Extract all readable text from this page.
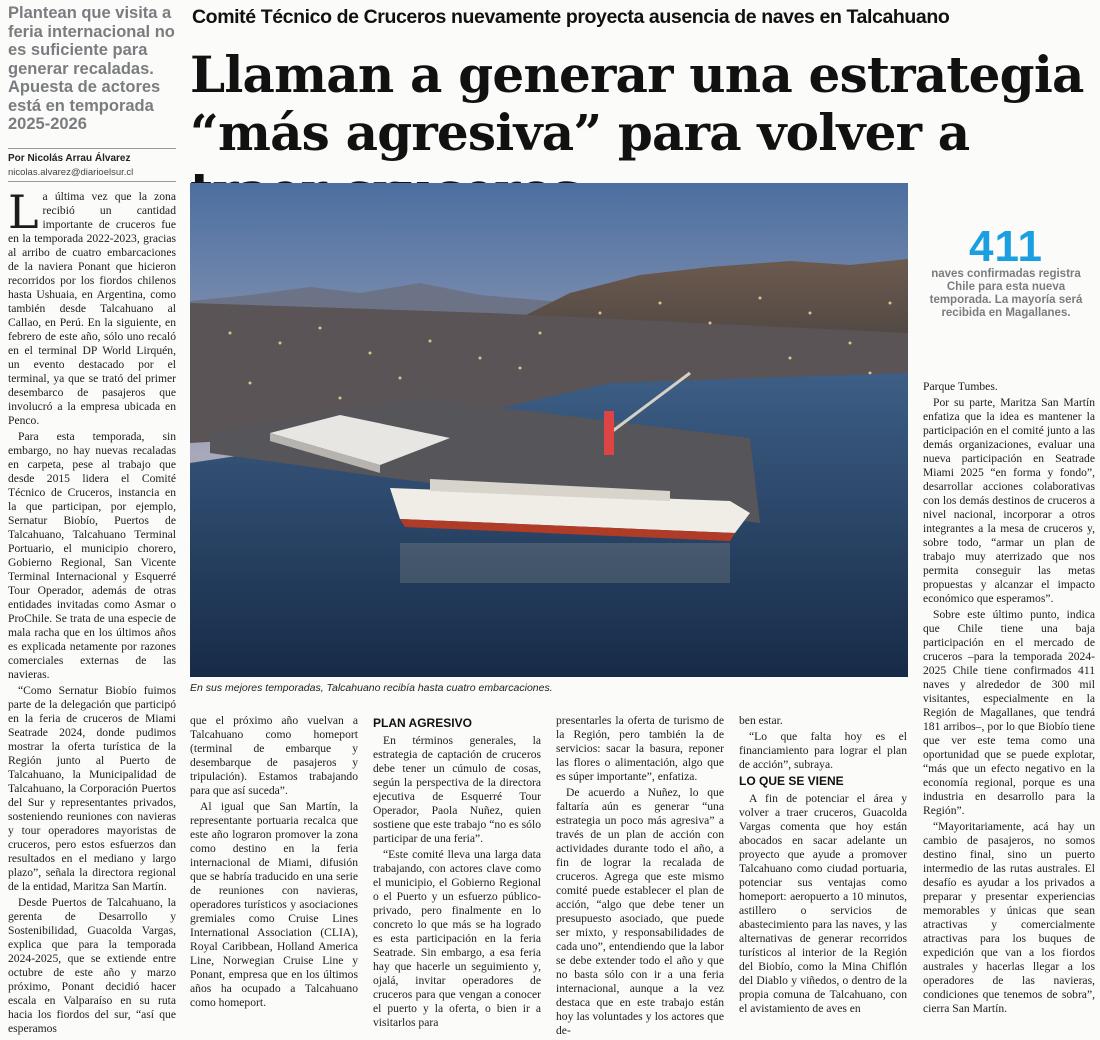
Plantean que visita a feria internacional no es suficiente para generar recaladas. Apuesta de actores está en temporada 2025-2026
Por Nicolás Arrau Álvarez
nicolas.alvarez@diarioelsur.cl
Comité Técnico de Cruceros nuevamente proyecta ausencia de naves en Talcahuano
Llaman a generar una estrategia “más agresiva” para volver a
En sus mejores temporadas, Talcahuano recibía hasta cuatro embarcaciones.
411
naves confirmadas registra Chile para esta nueva temporada. La mayoría será recibida en Magallanes.

La última vez que la zona recibió un cantidad importante de cruceros fue en la temporada 2022-2023, gracias al arribo de cuatro embarcaciones de la naviera Ponant que hicieron recorridos por los fiordos chilenos hasta Ushuaia, en Argentina, como también desde Talcahuano al Callao, en Perú. En la siguiente, en febrero de este año, sólo uno recaló en el terminal DP World Lirquén, un evento destacado por el terminal, ya que se trató del primer desembarco de pasajeros que involucró a la empresa ubicada en Penco.

Para esta temporada, sin embargo, no hay nuevas recaladas en carpeta, pese al trabajo que desde 2015 lidera el Comité Técnico de Cruceros, instancia en la que participan, por ejemplo, Sernatur Biobío, Puertos de Talcahuano, Talcahuano Terminal Portuario, el municipio chorero, Gobierno Regional, San Vicente Terminal Internacional y Esquerré Tour Operador, además de otras entidades invitadas como Asmar o ProChile. Se trata de una especie de mala racha que en los últimos años es explicada netamente por razones comerciales externas de las navieras.

“Como Sernatur Biobío fuimos parte de la delegación que participó en la feria de cruceros de Miami Seatrade 2024, donde pudimos mostrar la oferta turística de la Región junto al Puerto de Talcahuano, la Municipalidad de Talcahuano, la Corporación Puertos del Sur y representantes privados, sosteniendo reuniones con navieras y tour operadores mayoristas de cruceros, pero estos esfuerzos dan resultados en el mediano y largo plazo”, señala la directora regional de la entidad, Maritza San Martín.

Desde Puertos de Talcahuano, la gerenta de Desarrollo y Sostenibilidad, Guacolda Vargas, explica que para la temporada 2024-2025, que se extiende entre octubre de este año y marzo próximo, Ponant decidió hacer escala en Valparaíso en su ruta hacia los fiordos del sur, “así que esperamos

que el próximo año vuelvan a Talcahuano como homeport (terminal de embarque y desembarque de pasajeros y tripulación). Estamos trabajando para que así suceda”.

Al igual que San Martín, la representante portuaria recalca que este año lograron promover la zona como destino en la feria internacional de Miami, difusión que se habría traducido en una serie de reuniones con navieras, operadores turísticos y asociaciones gremiales como Cruise Lines International Association (CLIA), Royal Caribbean, Holland America Line, Norwegian Cruise Line y Ponant, empresa que en los últimos años ha ocupado a Talcahuano como homeport.

PLAN AGRESIVO

En términos generales, la estrategia de captación de cruceros debe tener un cúmulo de cosas, según la perspectiva de la directora ejecutiva de Esquerré Tour Operador, Paola Nuñez, quien sostiene que este trabajo “no es sólo participar de una feria”.

“Este comité lleva una larga data trabajando, con actores clave como el municipio, el Gobierno Regional o el Puerto y un esfuerzo público-privado, pero finalmente en lo concreto lo que más se ha logrado es esta participación en la feria Seatrade. Sin embargo, a esa feria hay que hacerle un seguimiento y, ojalá, invitar operadores de cruceros para que vengan a conocer el puerto y la oferta, o bien ir a visitarlos para

presentarles la oferta de turismo de la Región, pero también la de servicios: sacar la basura, reponer las flores o alimentación, algo que es súper importante”, enfatiza.

De acuerdo a Nuñez, lo que faltaría aún es generar “una estrategia un poco más agresiva” a través de un plan de acción con actividades durante todo el año, a fin de lograr la recalada de cruceros. Agrega que este mismo comité puede establecer el plan de acción, “algo que debe tener un presupuesto asociado, que puede ser mixto, y responsabilidades de cada uno”, entendiendo que la labor se debe extender todo el año y que no basta sólo con ir a una feria internacional, aunque a la vez destaca que en este trabajo están hoy las voluntades y los actores que de-

ben estar.

“Lo que falta hoy es el financiamiento para lograr el plan de acción”, subraya.

LO QUE SE VIENE

A fin de potenciar el área y volver a traer cruceros, Guacolda Vargas comenta que hoy están abocados en sacar adelante un proyecto que ayude a promover Talcahuano como ciudad portuaria, potenciar sus ventajas como homeport: aeropuerto a 10 minutos, astillero o servicios de abastecimiento para las naves, y las alternativas de generar recorridos turísticos al interior de la Región del Biobío, como la Mina Chiflón del Diablo y viñedos, o dentro de la propia comuna de Talcahuano, con el avistamiento de aves en

Parque Tumbes.

Por su parte, Maritza San Martín enfatiza que la idea es mantener la participación en el comité junto a las demás organizaciones, evaluar una nueva participación en Seatrade Miami 2025 “en forma y fondo”, desarrollar acciones colaborativas con los demás destinos de cruceros a nivel nacional, incorporar a otros integrantes a la mesa de cruceros y, sobre todo, “armar un plan de trabajo muy aterrizado que nos permita conseguir las metas propuestas y alcanzar el impacto económico que esperamos”.

Sobre este último punto, indica que Chile tiene una baja participación en el mercado de cruceros –para la temporada 2024-2025 Chile tiene confirmados 411 naves y alrededor de 300 mil visitantes, especialmente en la Región de Magallanes, que tendrá 181 arribos–, por lo que Biobío tiene que ver este tema como una oportunidad que se puede explotar, “más que un efecto negativo en la economía regional, porque es una industria en desarrollo para la Región”.

“Mayoritariamente, acá hay un cambio de pasajeros, no somos destino final, sino un puerto intermedio de las rutas australes. El desafío es ayudar a los privados a preparar y presentar experiencias memorables y únicas que sean atractivas y comercialmente atractivas para los buques de expedición que van a los fiordos australes y hacerlas llegar a los operadores de las navieras, condiciones que tenemos de sobra”, cierra San Martín.
